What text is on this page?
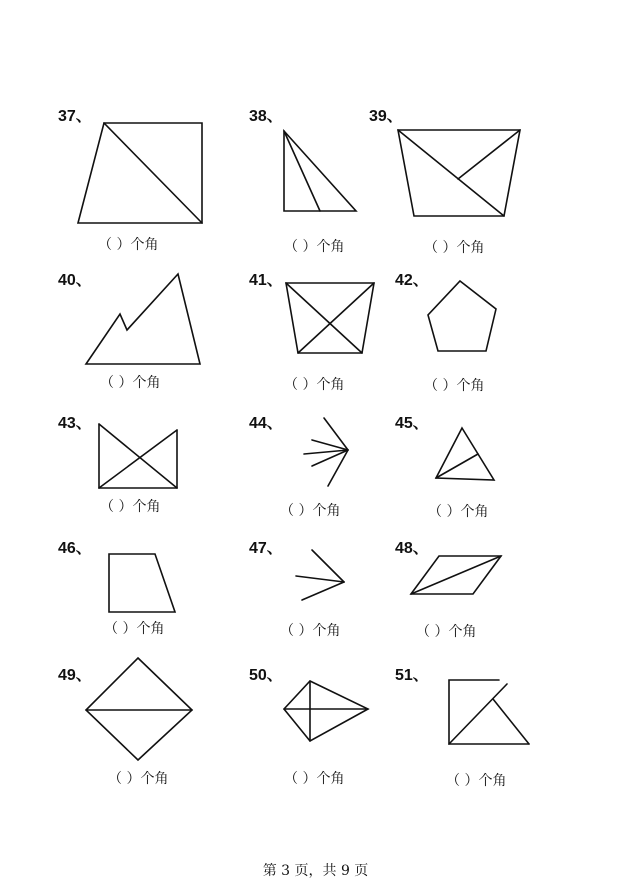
37、
（ ）个角
38、
（ ）个角
39、
（ ）个角
40、
（ ）个角
41、
（ ）个角
42、
（ ）个角
43、
（ ）个角
44、
（ ）个角
45、
（ ）个角
46、
（ ）个角
47、
（ ）个角
48、
（ ）个角
49、
（ ）个角
50、
（ ）个角
51、
（ ）个角
第 3 页，共 9 页
